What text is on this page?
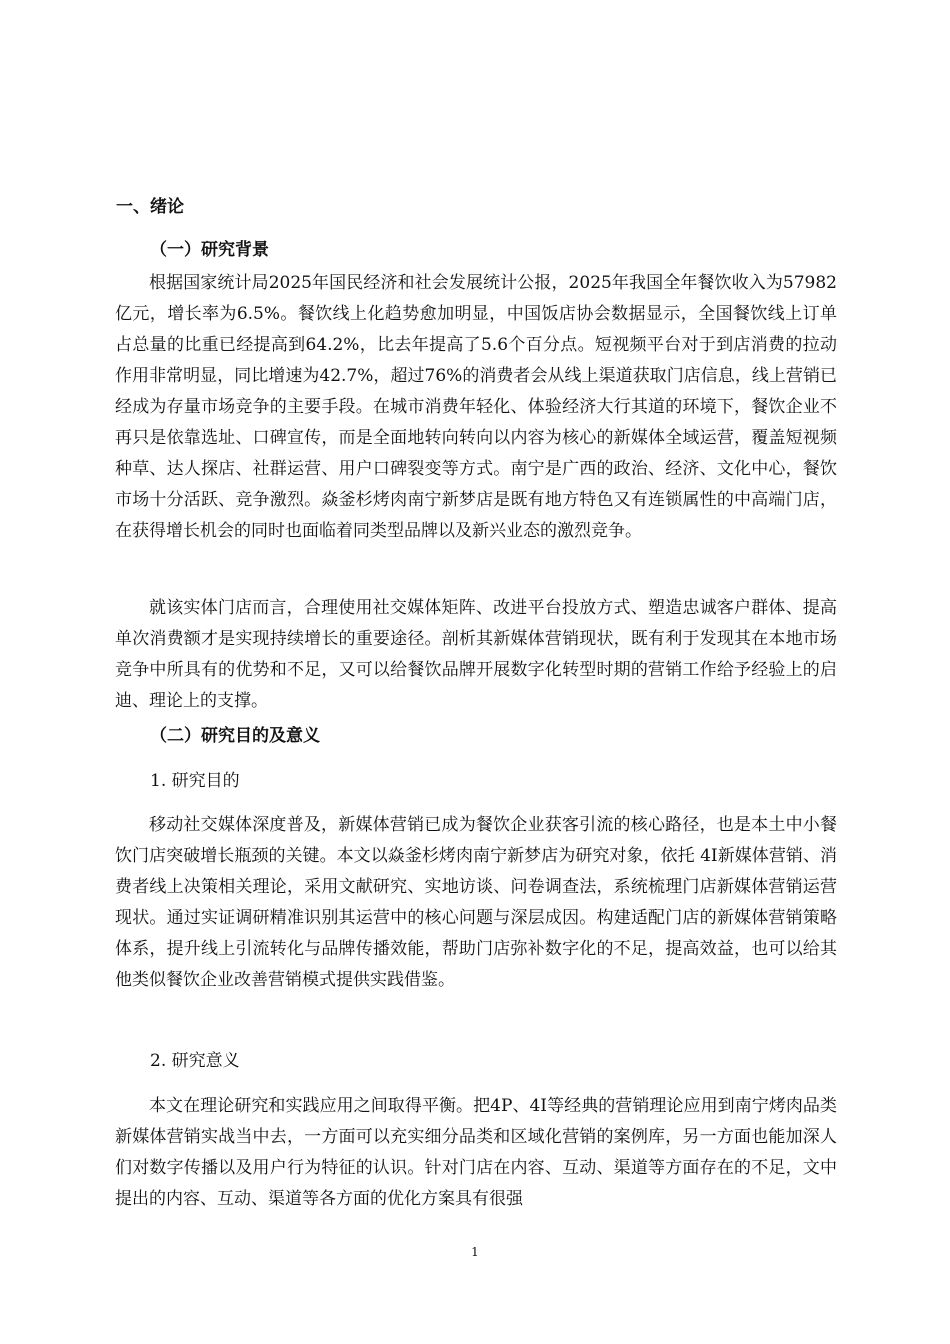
一、绪论
（一）研究背景
根据国家统计局2025年国民经济和社会发展统计公报，2025年我国全年餐饮收入为57982亿元，增长率为6.5%。餐饮线上化趋势愈加明显，中国饭店协会数据显示，全国餐饮线上订单占总量的比重已经提高到64.2%，比去年提高了5.6个百分点。短视频平台对于到店消费的拉动作用非常明显，同比增速为42.7%，超过76%的消费者会从线上渠道获取门店信息，线上营销已经成为存量市场竞争的主要手段。在城市消费年轻化、体验经济大行其道的环境下，餐饮企业不再只是依靠选址、口碑宣传，而是全面地转向转向以内容为核心的新媒体全域运营，覆盖短视频种草、达人探店、社群运营、用户口碑裂变等方式。南宁是广西的政治、经济、文化中心，餐饮市场十分活跃、竞争激烈。焱釜杉烤肉南宁新梦店是既有地方特色又有连锁属性的中高端门店，在获得增长机会的同时也面临着同类型品牌以及新兴业态的激烈竞争。
就该实体门店而言，合理使用社交媒体矩阵、改进平台投放方式、塑造忠诚客户群体、提高单次消费额才是实现持续增长的重要途径。剖析其新媒体营销现状，既有利于发现其在本地市场竞争中所具有的优势和不足，又可以给餐饮品牌开展数字化转型时期的营销工作给予经验上的启迪、理论上的支撑。
（二）研究目的及意义
1. 研究目的
移动社交媒体深度普及，新媒体营销已成为餐饮企业获客引流的核心路径，也是本土中小餐饮门店突破增长瓶颈的关键。本文以焱釜杉烤肉南宁新梦店为研究对象，依托 4I新媒体营销、消费者线上决策相关理论，采用文献研究、实地访谈、问卷调查法，系统梳理门店新媒体营销运营现状。通过实证调研精准识别其运营中的核心问题与深层成因。构建适配门店的新媒体营销策略体系，提升线上引流转化与品牌传播效能，帮助门店弥补数字化的不足，提高效益，也可以给其他类似餐饮企业改善营销模式提供实践借鉴。
2. 研究意义
本文在理论研究和实践应用之间取得平衡。把4P、4I等经典的营销理论应用到南宁烤肉品类新媒体营销实战当中去，一方面可以充实细分品类和区域化营销的案例库，另一方面也能加深人们对数字传播以及用户行为特征的认识。针对门店在内容、互动、渠道等方面存在的不足，文中提出的内容、互动、渠道等各方面的优化方案具有很强
1
